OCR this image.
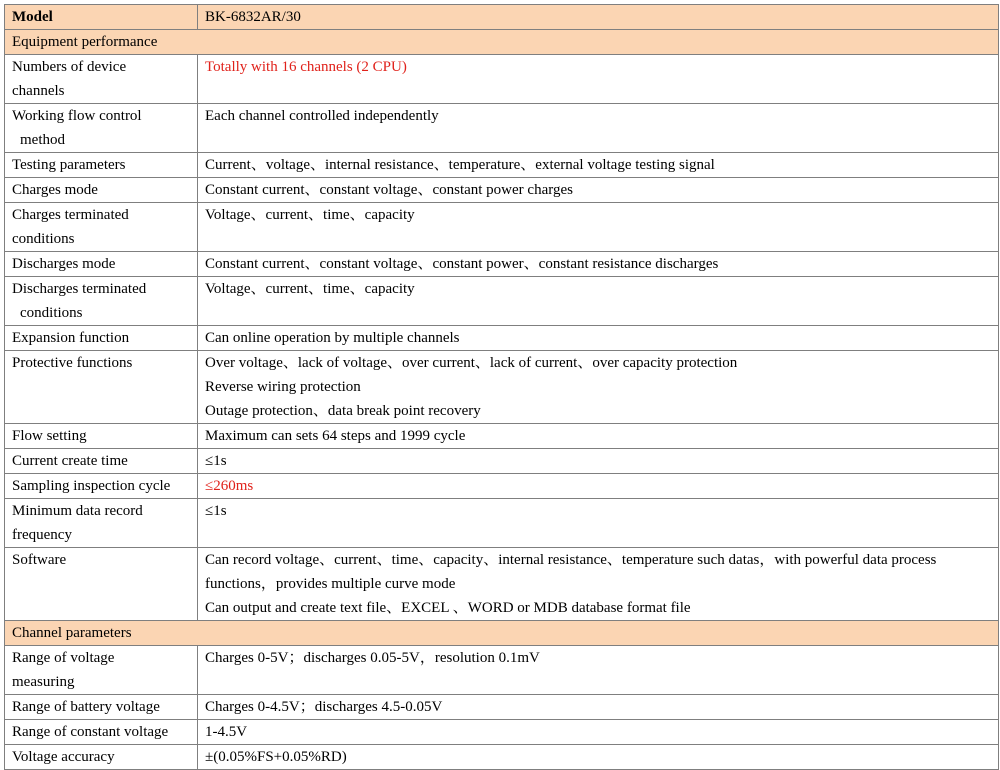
Model	BK-6832AR/30
Equipment performance	

Numbers of device
channels	Totally with 16 channels (2 CPU)

Working flow control
method	Each channel controlled independently

Testing parameters	Current、voltage、internal resistance、temperature、external voltage testing signal

Charges mode	Constant current、constant voltage、constant power charges

Charges terminated
conditions	Voltage、current、time、capacity

Discharges mode	Constant current、constant voltage、constant power、constant resistance discharges

Discharges terminated
conditions	Voltage、current、time、capacity

Expansion function	Can online operation by multiple channels

Protective functions	Over voltage、lack of voltage、over current、lack of current、over capacity protection
Reverse wiring protection
Outage protection、data break point recovery

Flow setting	Maximum can sets 64 steps and 1999 cycle

Current create time	≤1s

Sampling inspection cycle	≤260ms

Minimum data record
frequency	≤1s

Software	Can record voltage、current、time、capacity、internal resistance、temperature such datas，with powerful data process functions，provides multiple curve mode
Can output and create text file、EXCEL 、WORD or MDB database format file

Channel parameters	

Range of voltage
measuring	Charges 0-5V；discharges 0.05-5V，resolution 0.1mV

Range of battery voltage	Charges 0-4.5V；discharges 4.5-0.05V

Range of constant voltage	1-4.5V

Voltage accuracy	±(0.05%FS+0.05%RD)
